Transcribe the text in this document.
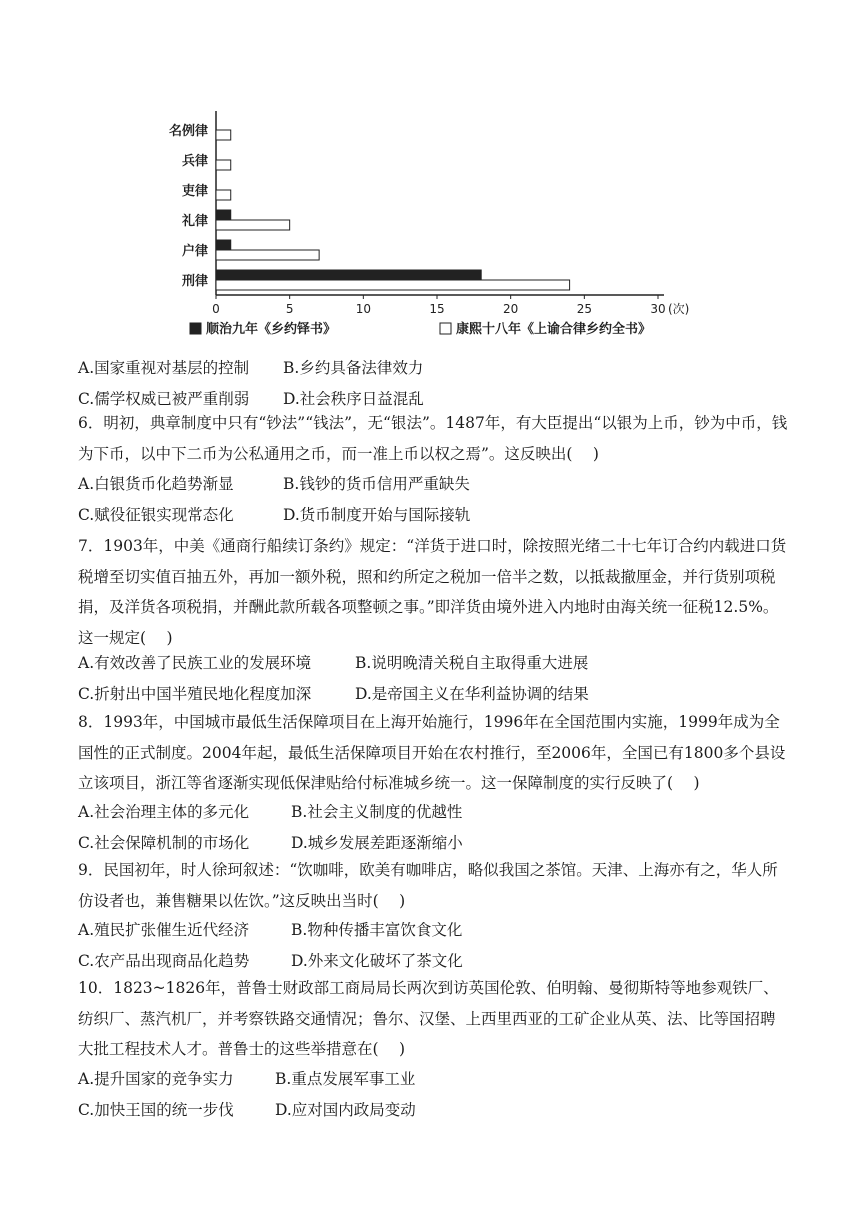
0	5	10	15	20	25	30 (次)
名例律
兵律
吏律
礼律
户律
刑律
顺治九年《乡约铎书》	康熙十八年《上谕合律乡约全书》
A.国家重视对基层的控制 B.乡约具备法律效力
C.儒学权威已被严重削弱 D.社会秩序日益混乱

6．明初，典章制度中只有“钞法”“钱法”，无“银法”。1487年，有大臣提出“以银为上币，钞为中币，钱为下币，以中下二币为公私通用之币，而一准上币以权之焉”。这反映出(　 )

A.白银货币化趋势渐显	B.钱钞的货币信用严重缺失
C.赋役征银实现常态化	D.货币制度开始与国际接轨

7．1903年，中美《通商行船续订条约》规定：“洋货于进口时，除按照光绪二十七年订合约内载进口货税增至切实值百抽五外，再加一额外税，照和约所定之税加一倍半之数，以抵裁撤厘金，并行货别项税捐，及洋货各项税捐，并酬此款所载各项整顿之事。”即洋货由境外进入内地时由海关统一征税12.5%。这一规定(　 )

A.有效改善了民族工业的发展环境	B.说明晚清关税自主取得重大进展
C.折射出中国半殖民地化程度加深	D.是帝国主义在华利益协调的结果

8．1993年，中国城市最低生活保障项目在上海开始施行，1996年在全国范围内实施，1999年成为全国性的正式制度。2004年起，最低生活保障项目开始在农村推行，至2006年，全国已有1800多个县设立该项目，浙江等省逐渐实现低保津贴给付标准城乡统一。这一保障制度的实行反映了(　 )

A.社会治理主体的多元化	B.社会主义制度的优越性
C.社会保障机制的市场化	D.城乡发展差距逐渐缩小

9．民国初年，时人徐珂叙述：“饮咖啡，欧美有咖啡店，略似我国之茶馆。天津、上海亦有之，华人所仿设者也，兼售糖果以佐饮。”这反映出当时(　 )

A.殖民扩张催生近代经济	B.物种传播丰富饮食文化
C.农产品出现商品化趋势	D.外来文化破坏了茶文化

10．1823~1826年，普鲁士财政部工商局局长两次到访英国伦敦、伯明翰、曼彻斯特等地参观铁厂、纺织厂、蒸汽机厂，并考察铁路交通情况；鲁尔、汉堡、上西里西亚的工矿企业从英、法、比等国招聘大批工程技术人才。普鲁士的这些举措意在(　 )

A.提升国家的竞争实力	B.重点发展军事工业
C.加快王国的统一步伐	D.应对国内政局变动
